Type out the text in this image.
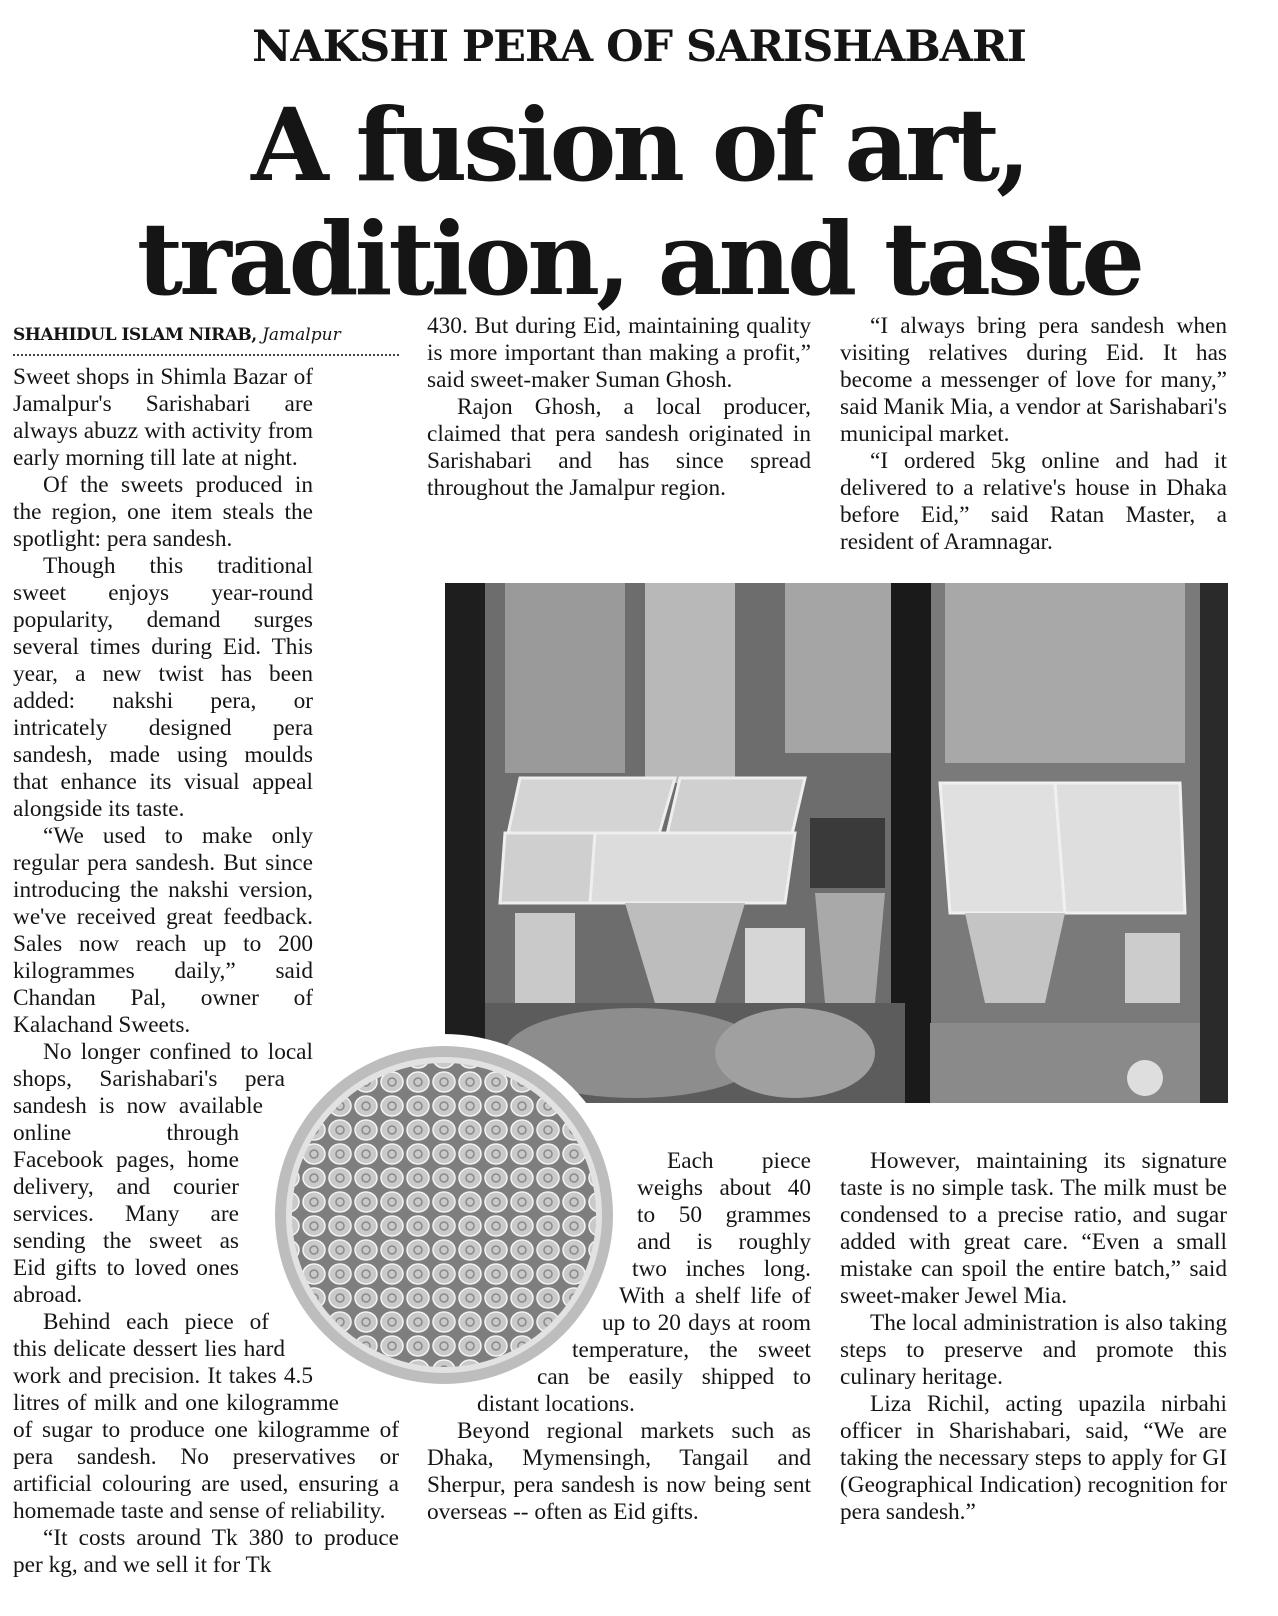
NAKSHI PERA OF SARISHABARI
A fusion of art,
tradition, and taste
SHAHIDUL ISLAM NIRAB, Jamalpur

Sweet shops in Shimla Bazar of Jamalpur's Sarishabari are always abuzz with activity from early morning till late at night.

Of the sweets produced in the region, one item steals the spotlight: pera sandesh.

Though this traditional sweet enjoys year-round popularity, demand surges several times during Eid. This year, a new twist has been added: nakshi pera, or intricately designed pera sandesh, made using moulds that enhance its visual appeal alongside its taste.

“We used to make only regular pera sandesh. But since introducing the nakshi version, we've received great feedback. Sales now reach up to 200 kilogrammes daily,” said Chandan Pal, owner of Kalachand Sweets.

No longer confined to local shops, Sarishabari's pera sandesh is now available online through Facebook pages, home delivery, and courier services. Many are sending the sweet as Eid gifts to loved ones abroad.

Behind each piece of this delicate dessert lies hard work and precision. It takes 4.5 litres of milk and one kilogramme of sugar to produce one kilogramme of pera sandesh. No preservatives or artificial colouring are used, ensuring a homemade taste and sense of reliability.

“It costs around Tk 380 to produce per kg, and we sell it for Tk

430. But during Eid, maintaining quality is more important than making a profit,” said sweet-maker Suman Ghosh.

Rajon Ghosh, a local producer, claimed that pera sandesh originated in Sarishabari and has since spread throughout the Jamalpur region.

“I always bring pera sandesh when visiting relatives during Eid. It has become a messenger of love for many,” said Manik Mia, a vendor at Sarishabari's municipal market.

“I ordered 5kg online and had it delivered to a relative's house in Dhaka before Eid,” said Ratan Master, a resident of Aramnagar.

Each piece weighs about 40 to 50 grammes and is roughly two inches long. With a shelf life of up to 20 days at room temperature, the sweet can be easily shipped to distant locations.

Beyond regional markets such as Dhaka, Mymensingh, Tangail and Sherpur, pera sandesh is now being sent overseas -- often as Eid gifts.

However, maintaining its signature taste is no simple task. The milk must be condensed to a precise ratio, and sugar added with great care. “Even a small mistake can spoil the entire batch,” said sweet-maker Jewel Mia.

The local administration is also taking steps to preserve and promote this culinary heritage.

Liza Richil, acting upazila nirbahi officer in Sharishabari, said, “We are taking the necessary steps to apply for GI (Geographical Indication) recognition for pera sandesh.”
